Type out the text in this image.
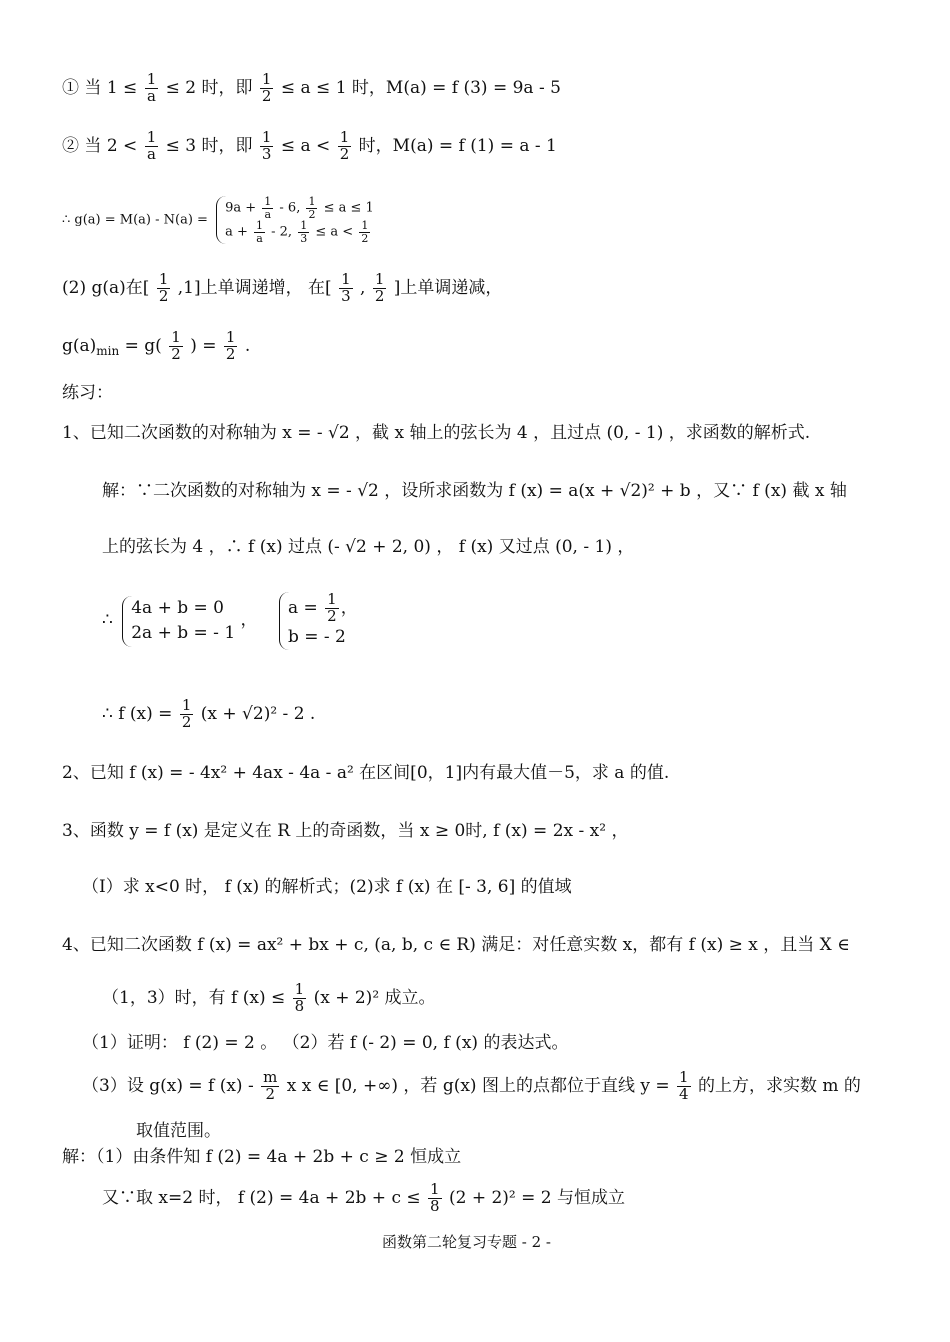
① 当 $1 \le \frac{1}{a} \le 2$ 时，即 $\frac{1}{2} \le a \le 1$ 时，M(a) = f (3) = 9a - 5
② 当 $2 < \frac{1}{a} \le 3$ 时，即 $\frac{1}{3} \le a < \frac{1}{2}$ 时，M(a) = f (1) = a - 1
∴ g(a) = M(a) - N(a) =
$9a + \frac{1}{a} - 6$, $\frac{1}{2} \le a \le 1$
$a + \frac{1}{a} - 2$, $\frac{1}{3} \le a < \frac{1}{2}$
(2) g(a)在[ $\frac{1}{2} ,1$]上单调递增， 在[ $\frac{1}{3}$ , $\frac{1}{2}$ ]上单调递减，
$g(a)_{min} = g( \frac{1}{2}$ ) = $\frac{1}{2}$ .
练习：
1、已知二次函数的对称轴为 x = - √2 ，截 x 轴上的弦长为 4 ，且过点 (0, - 1) ，求函数的解析式.
解：∵二次函数的对称轴为 x = - √2 ，设所求函数为 f (x) = a(x + √2)² + b ，又∵ f (x) 截 x 轴
上的弦长为 4 ，∴ f (x) 过点 (- √2 + 2, 0) ， f (x) 又过点 (0, - 1) ，
∴
4a + b = 0
2a + b = - 1
，
$a = \frac{1}{2}$ ，
b = - 2
∴ f $(x) = \frac{1}{2} (x + √2)^2 - 2$ .
2、已知 f (x) = - 4x² + 4ax - 4a - a² 在区间[0，1]内有最大值－5，求 a 的值.
3、函数 y = f (x) 是定义在 R 上的奇函数，当 x ≥ 0时, f (x) = 2x - x² ，
（Ⅰ）求 x<0 时， f (x) 的解析式；(2)求 f (x) 在 [- 3, 6] 的值域
4、已知二次函数 f (x) = ax² + bx + c, (a, b, c ∈ R) 满足：对任意实数 x，都有 f (x) ≥ x ，且当 X ∈
（1，3）时，有 f $(x) \le \frac{1}{8} (x + 2)^2$ 成立。
（1）证明： f (2) = 2 。 （2）若 f (- 2) = 0, f (x) 的表达式。
（3）设 g(x) = f $(x) - \frac{m}{2}$ x x ∈ [0, +∞) ，若 g(x) 图上的点都位于直线 $y = \frac{1}{4}$ 的上方，求实数 m 的
取值范围。
解：（1）由条件知 f (2) = 4a + 2b + c ≥ 2 恒成立
又∵取 x=2 时， f $(2) = 4a + 2b + c \le \frac{1}{8} (2 + 2)^2 = 2$ 与恒成立
函数第二轮复习专题 - 2 -
